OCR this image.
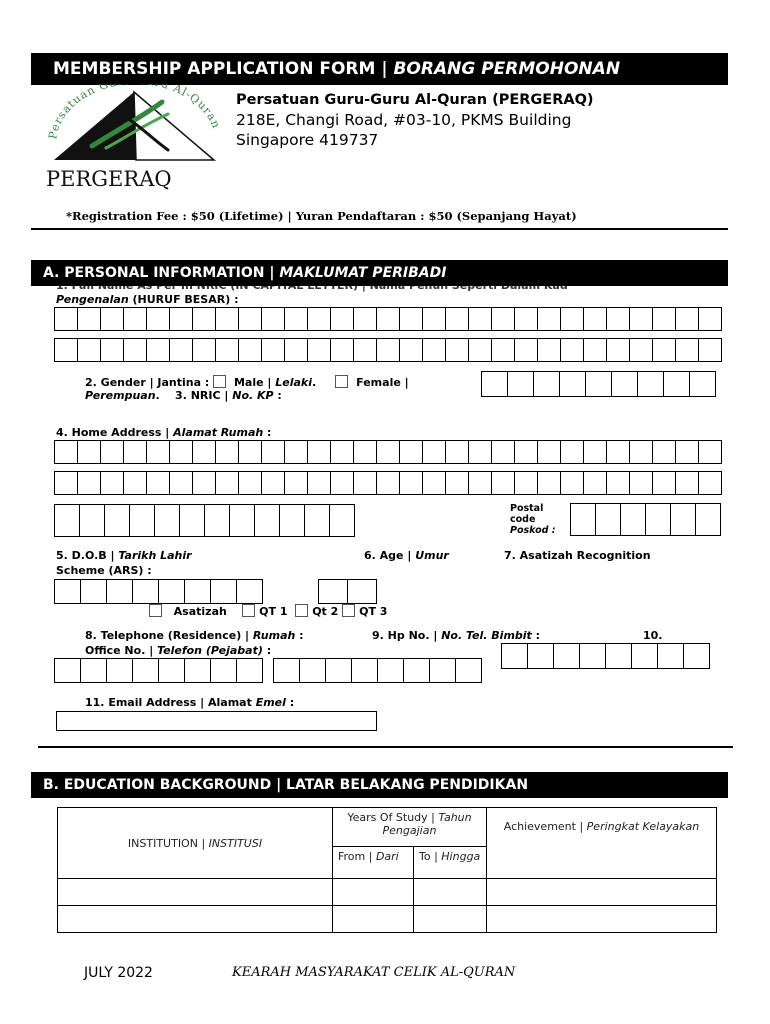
MEMBERSHIP APPLICATION FORM | BORANG PERMOHONAN
Persatuan G u Al-Quran
PERGERAQ
Persatuan Guru-Guru Al-Quran (PERGERAQ)
218E, Changi Road, #03-10, PKMS Building
Singapore 419737
*Registration Fee : $50 (Lifetime) | Yuran Pendaftaran : $50 (Sepanjang Hayat)
A. PERSONAL INFORMATION | MAKLUMAT PERIBADI
Pengenalan (HURUF BESAR) :
2. Gender | Jantina :  Male | Lelaki.      Female |
Perempuan.    3. NRIC | No. KP :
4. Home Address | Alamat Rumah :
Postal
code
Poskod :
5. D.O.B | Tarikh Lahir
Scheme (ARS) :
6. Age | Umur	7. Asatizah Recognition
Asatizah	QT 1 Qt 2 QT 3
8. Telephone (Residence) | Rumah :
Office No. | Telefon (Pejabat) :
9. Hp No. | No. Tel. Bimbit :	10.
11. Email Address | Alamat Emel :
B. EDUCATION BACKGROUND | LATAR BELAKANG PENDIDIKAN
INSTITUTION | INSTITUSI	Years Of Study | Tahun Pengajian		Achievement | Peringkat Kelayakan
	From | Dari	To | Hingga	

JULY 2022	KEARAH MASYARAKAT CELIK AL-QURAN
